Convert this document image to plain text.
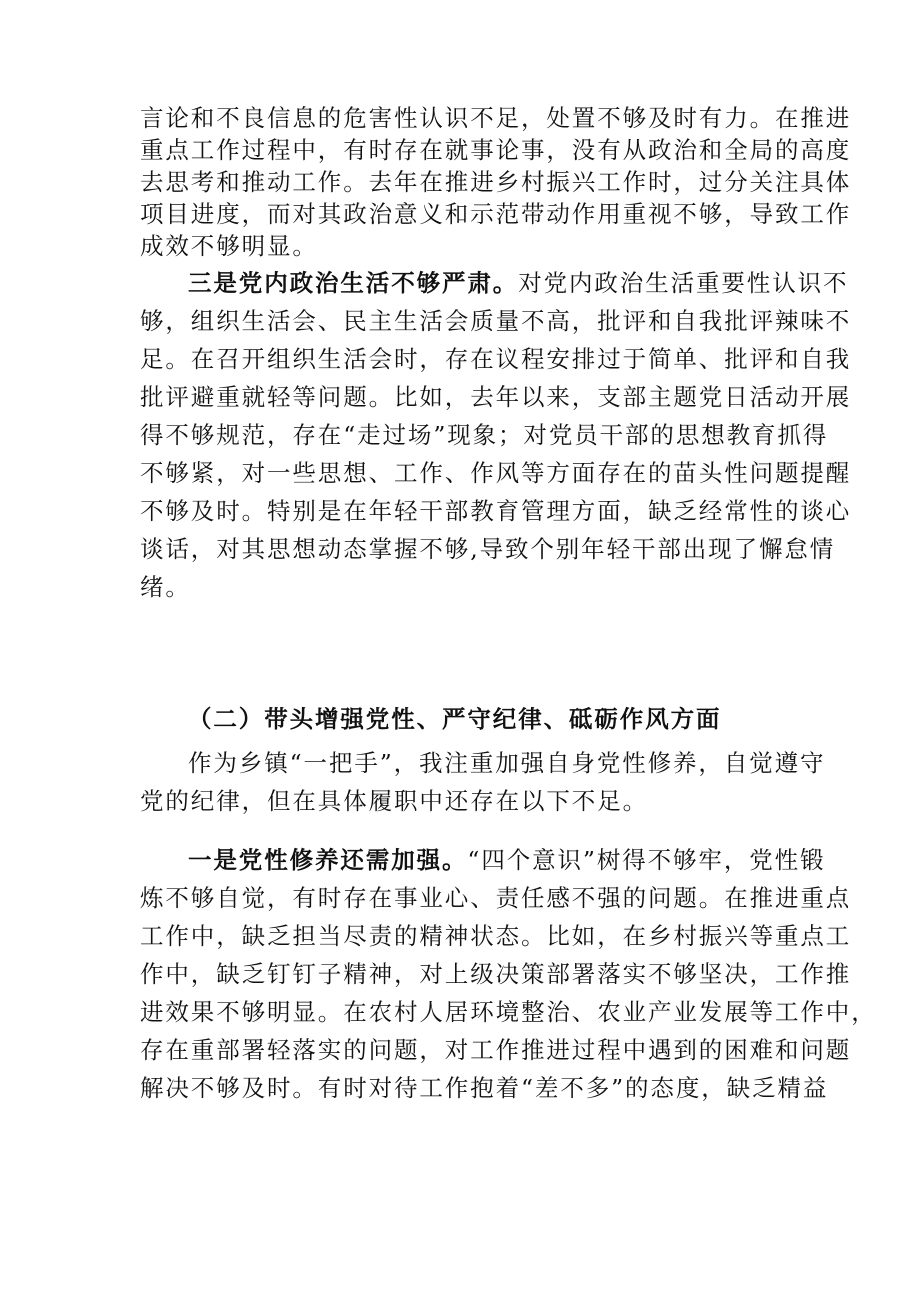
言论和不良信息的危害性认识不足，处置不够及时有力。在推进
重点工作过程中，有时存在就事论事，没有从政治和全局的高度
去思考和推动工作。去年在推进乡村振兴工作时，过分关注具体
项目进度，而对其政治意义和示范带动作用重视不够，导致工作
成效不够明显。
三是党内政治生活不够严肃。对党内政治生活重要性认识不
够，组织生活会、民主生活会质量不高，批评和自我批评辣味不
足。在召开组织生活会时，存在议程安排过于简单、批评和自我
批评避重就轻等问题。比如，去年以来，支部主题党日活动开展
得不够规范，存在“走过场”现象；对党员干部的思想教育抓得
不够紧，对一些思想、工作、作风等方面存在的苗头性问题提醒
不够及时。特别是在年轻干部教育管理方面，缺乏经常性的谈心
谈话，对其思想动态掌握不够,导致个别年轻干部出现了懈怠情
绪。
（二）带头增强党性、严守纪律、砥砺作风方面
作为乡镇“一把手”，我注重加强自身党性修养，自觉遵守
党的纪律，但在具体履职中还存在以下不足。
一是党性修养还需加强。“四个意识”树得不够牢，党性锻
炼不够自觉，有时存在事业心、责任感不强的问题。在推进重点
工作中，缺乏担当尽责的精神状态。比如，在乡村振兴等重点工
作中，缺乏钉钉子精神，对上级决策部署落实不够坚决，工作推
进效果不够明显。在农村人居环境整治、农业产业发展等工作中，
存在重部署轻落实的问题，对工作推进过程中遇到的困难和问题
解决不够及时。有时对待工作抱着“差不多”的态度，缺乏精益
